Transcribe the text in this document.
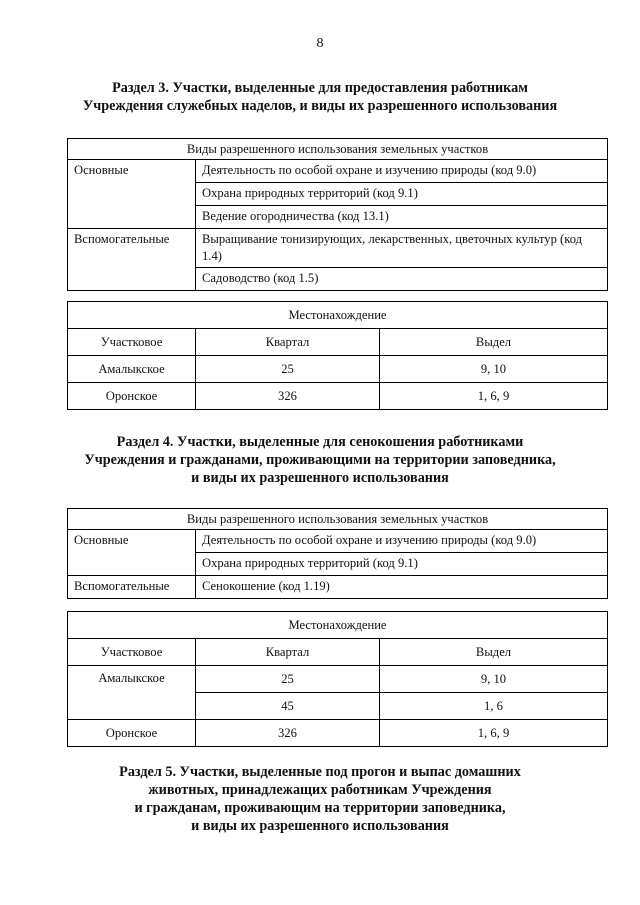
8
Раздел 3. Участки, выделенные для предоставления работникам
Учреждения служебных наделов, и виды их разрешенного использования
Виды разрешенного использования земельных участков	
Основные	Деятельность по особой охране и изучению природы (код 9.0)
	Охрана природных территорий (код 9.1)
	Ведение огородничества (код 13.1)
Вспомогательные	Выращивание тонизирующих, лекарственных, цветочных культур (код 1.4)
	Садоводство (код 1.5)
Местонахождение		
Участковое	Квартал	Выдел
Амалыкское	25	9, 10
Оронское	326	1, 6, 9
Раздел 4. Участки, выделенные для сенокошения работниками
Учреждения и гражданами, проживающими на территории заповедника,
и виды их разрешенного использования
Виды разрешенного использования земельных участков	
Основные	Деятельность по особой охране и изучению природы (код 9.0)
	Охрана природных территорий (код 9.1)
Вспомогательные	Сенокошение (код 1.19)
Местонахождение		
Участковое	Квартал	Выдел
Амалыкское	25	9, 10
	45	1, 6
Оронское	326	1, 6, 9
Раздел 5. Участки, выделенные под прогон и выпас домашних
животных, принадлежащих работникам Учреждения
и гражданам, проживающим на территории заповедника,
и виды их разрешенного использования
